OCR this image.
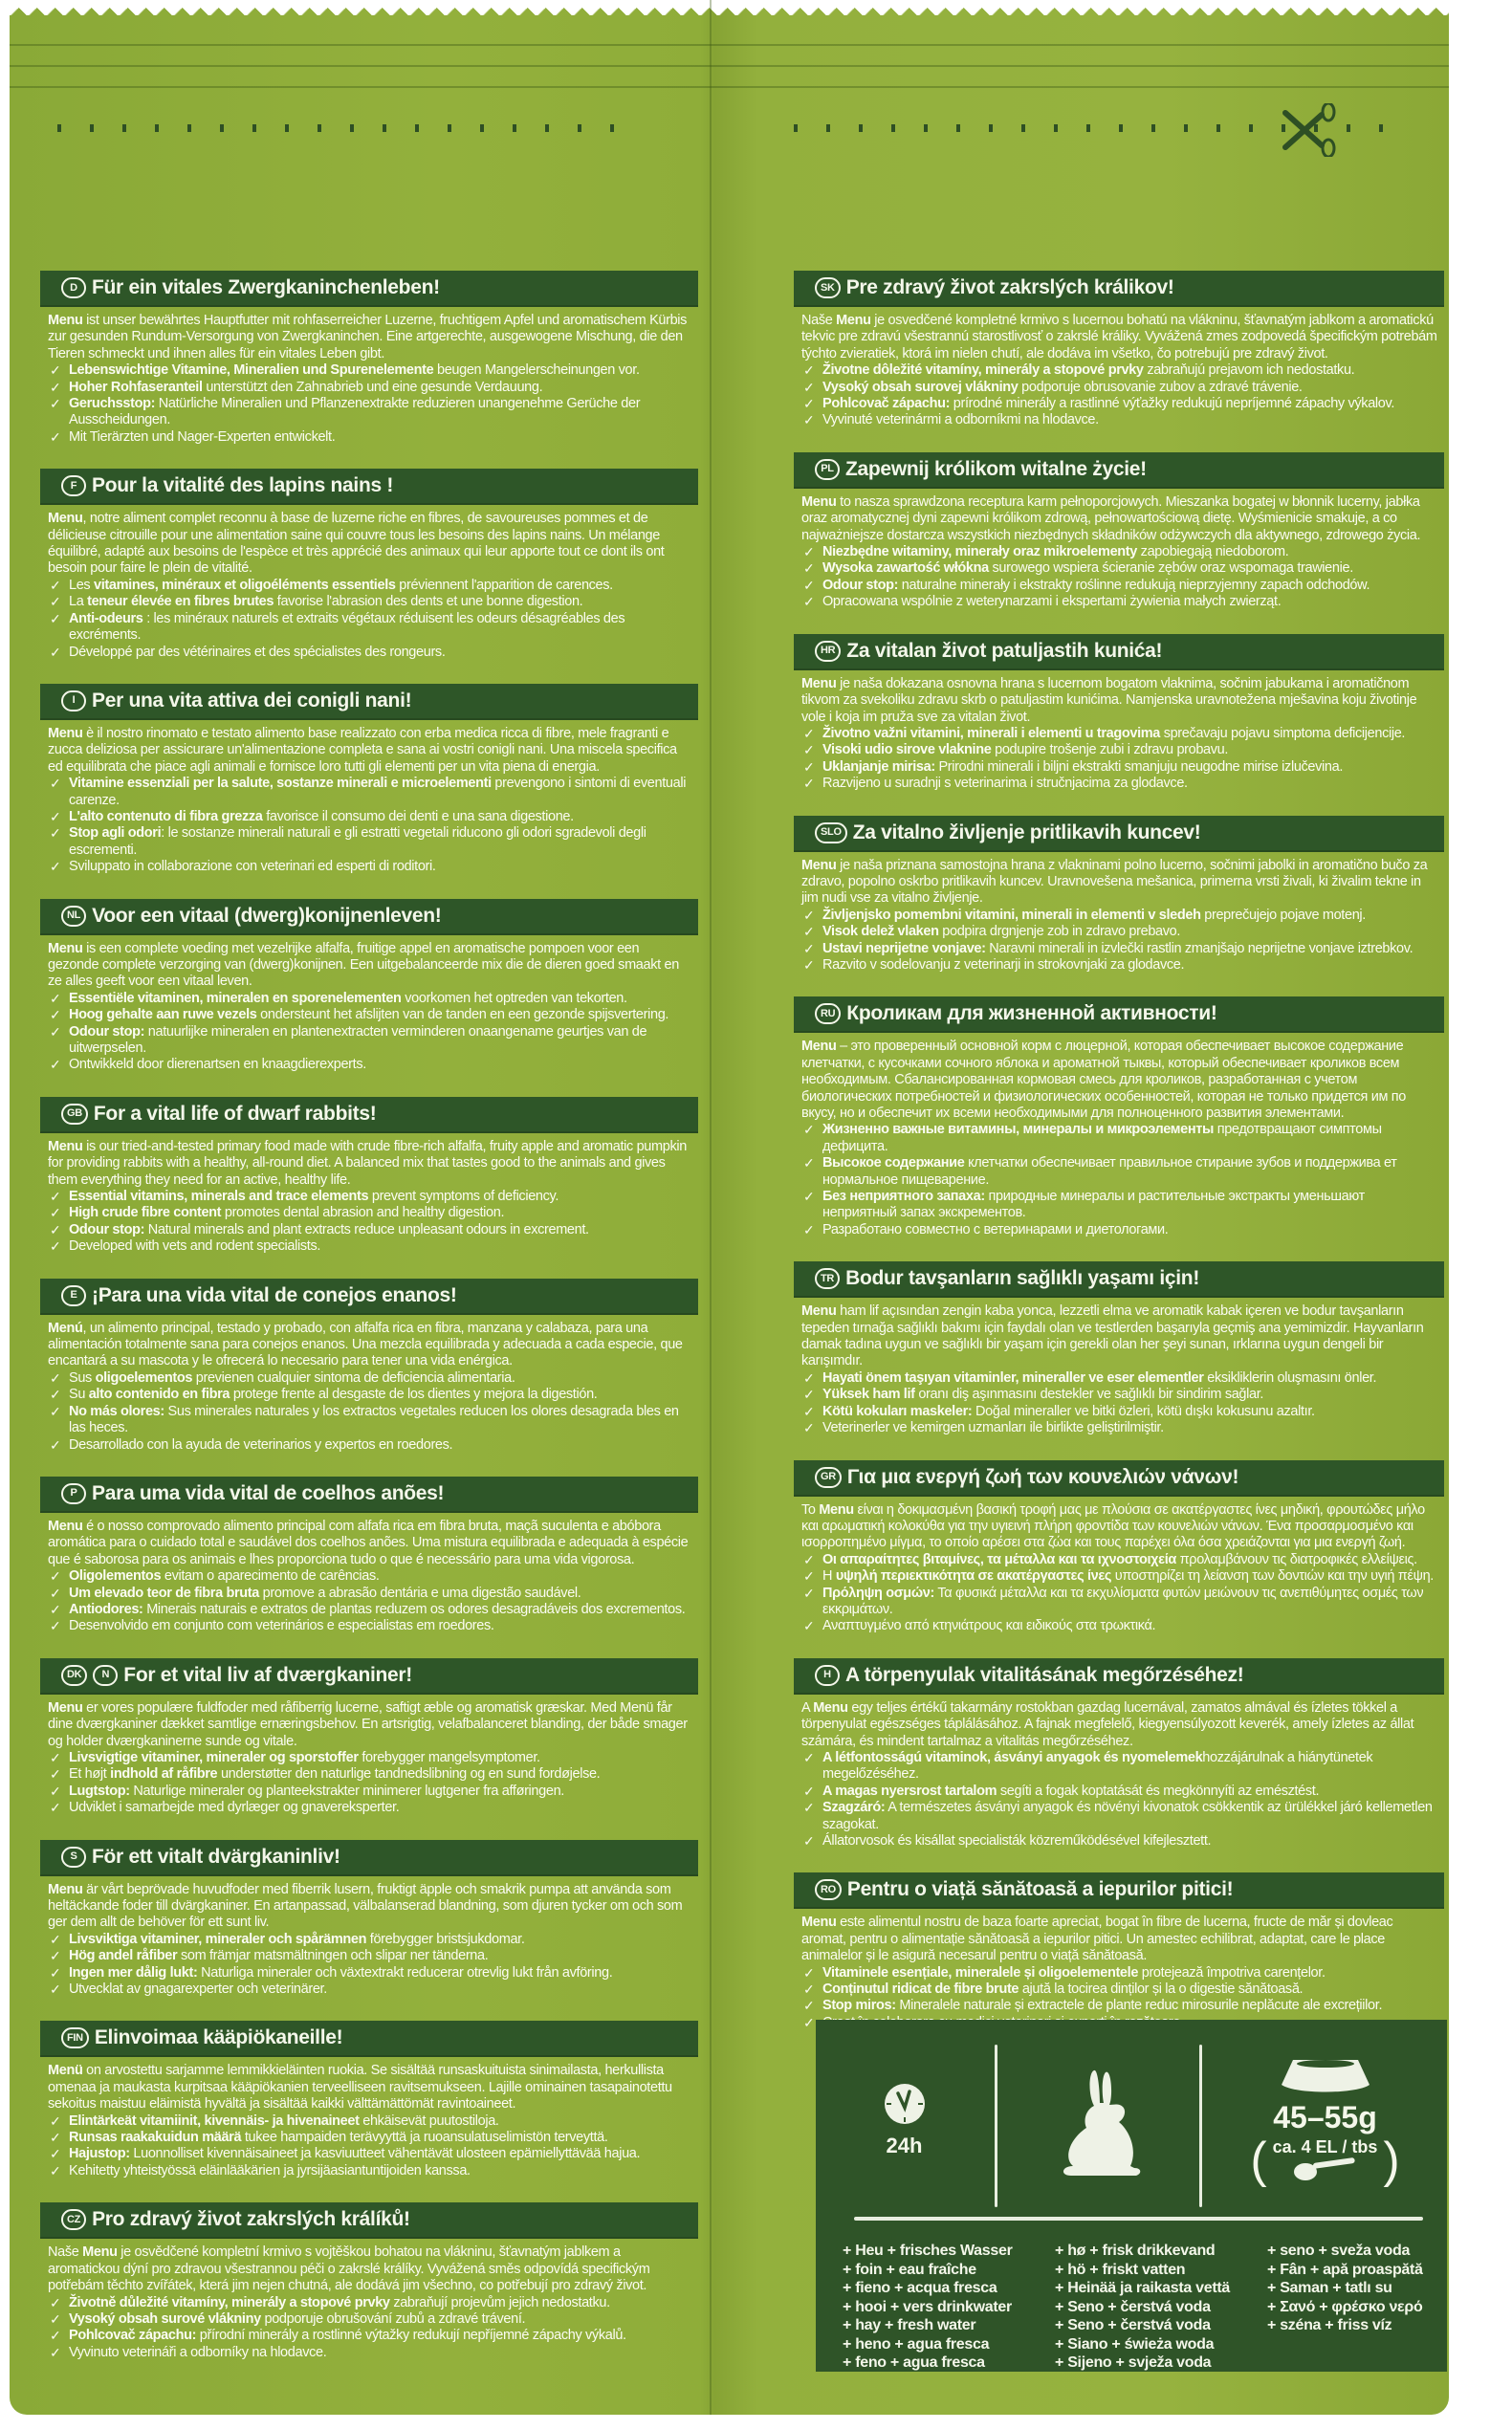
D Für ein vitales Zwergkaninchenleben!

Menu ist unser bewährtes Hauptfutter mit rohfaserreicher Luzerne, fruchtigem Apfel und aromatischem Kürbis zur gesunden Rundum-Versorgung von Zwergkaninchen. Eine artgerechte, ausgewogene Mischung, die den Tieren schmeckt und ihnen alles für ein vitales Leben gibt.

✓ Lebenswichtige Vitamine, Mineralien und Spurenelemente beugen Mangelerscheinungen vor.
✓ Hoher Rohfaseranteil unterstützt den Zahnabrieb und eine gesunde Verdauung.
✓ Geruchsstop: Natürliche Mineralien und Pflanzenextrakte reduzieren unangenehme Gerüche der Ausscheidungen.
✓ Mit Tierärzten und Nager-Experten entwickelt.
F Pour la vitalité des lapins nains !

Menu, notre aliment complet reconnu à base de luzerne riche en fibres, de savoureuses pommes et de délicieuse citrouille pour une alimentation saine qui couvre tous les besoins des lapins nains. Un mélange équilibré, adapté aux besoins de l'espèce et très apprécié des animaux qui leur apporte tout ce dont ils ont besoin pour faire le plein de vitalité.

✓ Les vitamines, minéraux et oligoéléments essentiels préviennent l'apparition de carences.
✓ La teneur élevée en fibres brutes favorise l'abrasion des dents et une bonne digestion.
✓ Anti-odeurs : les minéraux naturels et extraits végétaux réduisent les odeurs désagréables des excréments.
✓ Développé par des vétérinaires et des spécialistes des rongeurs.
I Per una vita attiva dei conigli nani!

Menu è il nostro rinomato e testato alimento base realizzato con erba medica ricca di fibre, mele fragranti e zucca deliziosa per assicurare un'alimentazione completa e sana ai vostri conigli nani. Una miscela specifica ed equilibrata che piace agli animali e fornisce loro tutti gli elementi per un vita piena di energia.

✓ Vitamine essenziali per la salute, sostanze minerali e microelementi prevengono i sintomi di eventuali carenze.
✓ L'alto contenuto di fibra grezza favorisce il consumo dei denti e una sana digestione.
✓ Stop agli odori: le sostanze minerali naturali e gli estratti vegetali riducono gli odori sgradevoli degli escrementi.
✓ Sviluppato in collaborazione con veterinari ed esperti di roditori.
NL Voor een vitaal (dwerg)konijnenleven!

Menu is een complete voeding met vezelrijke alfalfa, fruitige appel en aromatische pompoen voor een gezonde complete verzorging van (dwerg)konijnen. Een uitgebalanceerde mix die de dieren goed smaakt en ze alles geeft voor een vitaal leven.

✓ Essentiële vitaminen, mineralen en sporenelementen voorkomen het optreden van tekorten.
✓ Hoog gehalte aan ruwe vezels ondersteunt het afslijten van de tanden en een gezonde spijsvertering.
✓ Odour stop: natuurlijke mineralen en plantenextracten verminderen onaangename geurtjes van de uitwerpselen.
✓ Ontwikkeld door dierenartsen en knaagdierexperts.
GB For a vital life of dwarf rabbits!

Menu is our tried-and-tested primary food made with crude fibre-rich alfalfa, fruity apple and aromatic pumpkin for providing rabbits with a healthy, all-round diet. A balanced mix that tastes good to the animals and gives them everything they need for an active, healthy life.

✓ Essential vitamins, minerals and trace elements prevent symptoms of deficiency.
✓ High crude fibre content promotes dental abrasion and healthy digestion.
✓ Odour stop: Natural minerals and plant extracts reduce unpleasant odours in excrement.
✓ Developed with vets and rodent specialists.
E ¡Para una vida vital de conejos enanos!

Menú, un alimento principal, testado y probado, con alfalfa rica en fibra, manzana y calabaza, para una alimentación totalmente sana para conejos enanos. Una mezcla equilibrada y adecuada a cada especie, que encantará a su mascota y le ofrecerá lo necesario para tener una vida enérgica.

✓ Sus oligoelementos previenen cualquier sintoma de deficiencia alimentaria.
✓ Su alto contenido en fibra protege frente al desgaste de los dientes y mejora la digestión.
✓ No más olores: Sus minerales naturales y los extractos vegetales reducen los olores desagrada bles en las heces.
✓ Desarrollado con la ayuda de veterinarios y expertos en roedores.
P Para uma vida vital de coelhos anões!

Menu é o nosso comprovado alimento principal com alfafa rica em fibra bruta, maçã suculenta e abóbora aromática para o cuidado total e saudável dos coelhos anões. Uma mistura equilibrada e adequada à espécie que é saborosa para os animais e lhes proporciona tudo o que é necessário para uma vida vigorosa.

✓ Oligolementos evitam o aparecimento de carências.
✓ Um elevado teor de fibra bruta promove a abrasão dentária e uma digestão saudável.
✓ Antiodores: Minerais naturais e extratos de plantas reduzem os odores desagradáveis dos excrementos.
✓ Desenvolvido em conjunto com veterinários e especialistas em roedores.
DK	N For et vital liv af dværgkaniner!

Menu er vores populære fuldfoder med råfiberrig lucerne, saftigt æble og aromatisk græskar. Med Menü får dine dværgkaniner dækket samtlige ernæringsbehov. En artsrigtig, velafbalanceret blanding, der både smager og holder dværgkaninerne sunde og vitale.

✓ Livsvigtige vitaminer, mineraler og sporstoffer forebygger mangelsymptomer.
✓ Et højt indhold af råfibre understøtter den naturlige tandnedslibning og en sund fordøjelse.
✓ Lugtstop: Naturlige mineraler og planteekstrakter minimerer lugtgener fra afføringen.
✓ Udviklet i samarbejde med dyrlæger og gnavereksperter.
S För ett vitalt dvärgkaninliv!

Menu är vårt beprövade huvudfoder med fiberrik lusern, fruktigt äpple och smakrik pumpa att använda som heltäckande foder till dvärgkaniner. En artanpassad, välbalanserad blandning, som djuren tycker om och som ger dem allt de behöver för ett sunt liv.

✓ Livsviktiga vitaminer, mineraler och spårämnen förebygger bristsjukdomar.
✓ Hög andel råfiber som främjar matsmältningen och slipar ner tänderna.
✓ Ingen mer dålig lukt: Naturliga mineraler och växtextrakt reducerar otrevlig lukt från avföring.
✓ Utvecklat av gnagarexperter och veterinärer.
FIN Elinvoimaa kääpiökaneille!

Menü on arvostettu sarjamme lemmikkieläinten ruokia. Se sisältää runsaskuituista sinimailasta, herkullista omenaa ja maukasta kurpitsaa kääpiökanien terveelliseen ravitsemukseen. Lajille ominainen tasapainotettu sekoitus maistuu eläimistä hyvältä ja sisältää kaikki välttämättömät ravintoaineet.

✓ Elintärkeät vitamiinit, kivennäis- ja hivenaineet ehkäisevät puutostiloja.
✓ Runsas raakakuidun määrä tukee hampaiden terävyyttä ja ruoansulatuselimistön terveyttä.
✓ Hajustop: Luonnolliset kivennäisaineet ja kasviuutteet vähentävät ulosteen epämiellyttävää hajua.
✓ Kehitetty yhteistyössä eläinlääkärien ja jyrsijäasiantuntijoiden kanssa.
CZ Pro zdravý život zakrslých králíků!

Naše Menu je osvědčené kompletní krmivo s vojtěškou bohatou na vlákninu, šťavnatým jablkem a aromatickou dýní pro zdravou všestrannou péči o zakrslé králíky. Vyvážená směs odpovídá specifickým potřebám těchto zvířátek, která jim nejen chutná, ale dodává jim všechno, co potřebují pro zdravý život.

✓ Životně důležité vitamíny, minerály a stopové prvky zabraňují projevům jejich nedostatku.
✓ Vysoký obsah surové vlákniny podporuje obrušování zubů a zdravé trávení.
✓ Pohlcovač zápachu: přírodní minerály a rostlinné výtažky redukují nepříjemné zápachy výkalů.
✓ Vyvinuto veterináři a odborníky na hlodavce.
SK Pre zdravý život zakrslých králikov!

Naše Menu je osvedčené kompletné krmivo s lucernou bohatú na vlákninu, šťavnatým jablkom a aromatickú tekvic pre zdravú všestrannú starostlivosť o zakrslé králiky. Vyvážená zmes zodpovedá špecifickým potrebám týchto zvieratiek, ktorá im nielen chutí, ale dodáva im všetko, čo potrebujú pre zdravý život.

✓ Životne dôležité vitamíny, minerály a stopové prvky zabraňujú prejavom ich nedostatku.
✓ Vysoký obsah surovej vlákniny podporuje obrusovanie zubov a zdravé trávenie.
✓ Pohlcovač zápachu: prírodné minerály a rastlinné výťažky redukujú nepríjemné zápachy výkalov.
✓ Vyvinuté veterinármi a odborníkmi na hlodavce.
PL Zapewnij królikom witalne życie!

Menu to nasza sprawdzona receptura karm pełnoporcjowych. Mieszanka bogatej w błonnik lucerny, jabłka oraz aromatycznej dyni zapewni królikom zdrową, pełnowartościową dietę. Wyśmienicie smakuje, a co najważniejsze dostarcza wszystkich niezbędnych składników odżywczych dla aktywnego, zdrowego życia.

✓ Niezbędne witaminy, minerały oraz mikroelementy zapobiegają niedoborom.
✓ Wysoka zawartość włókna surowego wspiera ścieranie zębów oraz wspomaga trawienie.
✓ Odour stop: naturalne minerały i ekstrakty roślinne redukują nieprzyjemny zapach odchodów.
✓ Opracowana wspólnie z weterynarzami i ekspertami żywienia małych zwierząt.
HR Za vitalan život patuljastih kunića!

Menu je naša dokazana osnovna hrana s lucernom bogatom vlaknima, sočnim jabukama i aromatičnom tikvom za svekoliku zdravu skrb o patuljastim kunićima. Namjenska uravnotežena mješavina koju životinje vole i koja im pruža sve za vitalan život.

✓ Životno važni vitamini, minerali i elementi u tragovima sprečavaju pojavu simptoma deficijencije.
✓ Visoki udio sirove vlaknine podupire trošenje zubi i zdravu probavu.
✓ Uklanjanje mirisa: Prirodni minerali i biljni ekstrakti smanjuju neugodne mirise izlučevina.
✓ Razvijeno u suradnji s veterinarima i stručnjacima za glodavce.
SLO Za vitalno življenje pritlikavih kuncev!

Menu je naša priznana samostojna hrana z vlakninami polno lucerno, sočnimi jabolki in aromatično bučo za zdravo, popolno oskrbo pritlikavih kuncev. Uravnovešena mešanica, primerna vrsti živali, ki živalim tekne in jim nudi vse za vitalno življenje.

✓ Življenjsko pomembni vitamini, minerali in elementi v sledeh preprečujejo pojave motenj.
✓ Visok delež vlaken podpira drgnjenje zob in zdravo prebavo.
✓ Ustavi neprijetne vonjave: Naravni minerali in izvlečki rastlin zmanjšajo neprijetne vonjave iztrebkov.
✓ Razvito v sodelovanju z veterinarji in strokovnjaki za glodavce.
RU Кроликам для жизненной активности!

Menu – это проверенный основной корм с люцерной, которая обеспечивает высокое содержание клетчатки, с кусочками сочного яблока и ароматной тыквы, который обеспечивает кроликов всем необходимым. Сбалансированная кормовая смесь для кроликов, разработанная с учетом биологических потребностей и физиологических особенностей, которая не только придется им по вкусу, но и обеспечит их всеми необходимыми для полноценного развития элементами.

✓ Жизненно важные витамины, минералы и микроэлементы предотвращают симптомы дефицита.
✓ Высокое содержание клетчатки обеспечивает правильное стирание зубов и поддержива ет нормальное пищеварение.
✓ Без неприятного запаха: природные минералы и растительные экстракты уменьшают неприятный запах экскрементов.
✓ Разработано совместно с ветеринарами и диетологами.
TR Bodur tavşanların sağlıklı yaşamı için!

Menu ham lif açısından zengin kaba yonca, lezzetli elma ve aromatik kabak içeren ve bodur tavşanların tepeden tırnağa sağlıklı bakımı için faydalı olan ve testlerden başarıyla geçmiş ana yemimizdir. Hayvanların damak tadına uygun ve sağlıklı bir yaşam için gerekli olan her şeyi sunan, ırklarına uygun dengeli bir karışımdır.

✓ Hayati önem taşıyan vitaminler, mineraller ve eser elementler eksikliklerin oluşmasını önler.
✓ Yüksek ham lif oranı diş aşınmasını destekler ve sağlıklı bir sindirim sağlar.
✓ Kötü kokuları maskeler: Doğal mineraller ve bitki özleri, kötü dışkı kokusunu azaltır.
✓ Veterinerler ve kemirgen uzmanları ile birlikte geliştirilmiştir.
GR Για μια ενεργή ζωή των κουνελιών νάνων!

Το Menu είναι η δοκιμασμένη βασική τροφή μας με πλούσια σε ακατέργαστες ίνες μηδική, φρουτώδες μήλο και αρωματική κολοκύθα για την υγιεινή πλήρη φροντίδα των κουνελιών νάνων. Ένα προσαρμοσμένο και ισορροπημένο μίγμα, το οποίο αρέσει στα ζώα και τους παρέχει όλα όσα χρειάζονται για μια ενεργή ζωή.

✓ Οι απαραίτητες βιταμίνες, τα μέταλλα και τα ιχνοστοιχεία προλαμβάνουν τις διατροφικές ελλείψεις.
✓ Η υψηλή περιεκτικότητα σε ακατέργαστες ίνες υποστηρίζει τη λείανση των δοντιών και την υγιή πέψη.
✓ Πρόληψη οσμών: Τα φυσικά μέταλλα και τα εκχυλίσματα φυτών μειώνουν τις ανεπιθύμητες οσμές των εκκριμάτων.
✓ Αναπτυγμένο από κτηνιάτρους και ειδικούς στα τρωκτικά.
H A törpenyulak vitalitásának megőrzéséhez!

A Menu egy teljes értékű takarmány rostokban gazdag lucernával, zamatos almával és ízletes tökkel a törpenyulat egészséges táplálásához. A fajnak megfelelő, kiegyensúlyozott keverék, amely ízletes az állat számára, és mindent tartalmaz a vitalitás megőrzéséhez.

✓ A létfontosságú vitaminok, ásványi anyagok és nyomelemekhozzájárulnak a hiánytünetek megelőzéséhez.
✓ A magas nyersrost tartalom segíti a fogak koptatását és megkönnyíti az emésztést.
✓ Szagzáró: A természetes ásványi anyagok és növényi kivonatok csökkentik az ürülékkel járó kellemetlen szagokat.
✓ Állatorvosok és kisállat specialisták közreműködésével kifejlesztett.
RO Pentru o viață sănătoasă a iepurilor pitici!

Menu este alimentul nostru de baza foarte apreciat, bogat în fibre de lucerna, fructe de măr și dovleac aromat, pentru o alimentație sănătoasă a iepurilor pitici. Un amestec echilibrat, adaptat, care le place animalelor și le asigură necesarul pentru o viață sănătoasă.

✓ Vitaminele esențiale, mineralele și oligoelementele protejează împotriva carențelor.
✓ Conținutul ridicat de fibre brute ajută la tocirea dinților și la o digestie sănătoasă.
✓ Stop miros: Mineralele naturale și extractele de plante reduc mirosurile neplăcute ale excrețiilor.
✓
24h
45–55g
( ca. 4 EL / tbs )
+ Heu + frisches Wasser
+ foin + eau fraîche
+ fieno + acqua fresca
+ hooi + vers drinkwater
+ hay + fresh water
+ heno + agua fresca
+ feno + agua fresca
+ hø + frisk drikkevand
+ hö + friskt vatten
+ Heinää ja raikasta vettä
+ Seno + čerstvá voda
+ Seno + čerstvá voda
+ Siano + świeża woda
+ Sijeno + svježa voda
+ seno + sveža voda
+ Fân + apă proaspătă
+ Saman + tatlı su
+ Σανό + φρέσκο νερό
+ széna + friss víz
